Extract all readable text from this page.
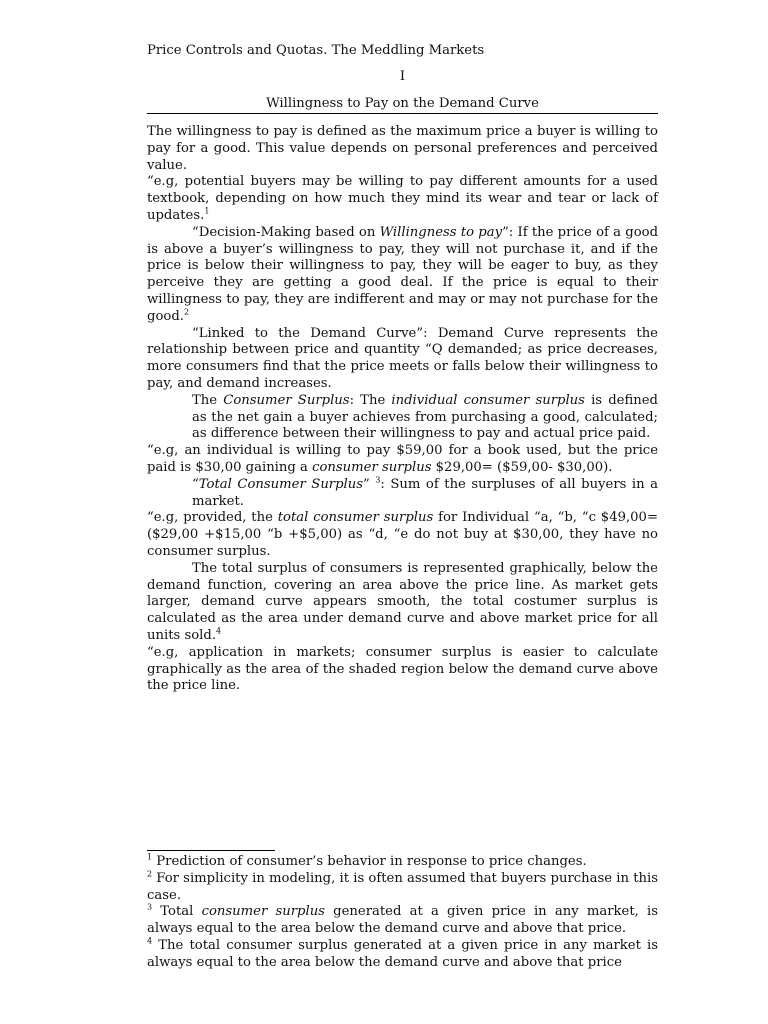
Price Controls and Quotas. The Meddling Markets
I
Willingness to Pay on the Demand Curve

The willingness to pay is defined as the maximum price a buyer is willing to pay for a good. This value depends on personal preferences and perceived value.

“e.g, potential buyers may be willing to pay different amounts for a used textbook, depending on how much they mind its wear and tear or lack of updates.$^1$

“Decision-Making based on Willingness to pay”: If the price of a good is above a buyer’s willingness to pay, they will not purchase it, and if the price is below their willingness to pay, they will be eager to buy, as they perceive they are getting a good deal. If the price is equal to their willingness to pay, they are indifferent and may or may not purchase for the good.$^2$

“Linked to the Demand Curve”: Demand Curve represents the relationship between price and quantity “Q demanded; as price decreases, more consumers find that the price meets or falls below their willingness to pay, and demand increases.

The Consumer Surplus: The individual consumer surplus is defined as the net gain a buyer achieves from purchasing a good, calculated; as difference between their willingness to pay and actual price paid.

“e.g, an individual is willing to pay $59,00 for a book used, but the price paid is $30,00 gaining a consumer surplus $29,00= ($59,00- $30,00).

“Total Consumer Surplus” $^3$: Sum of the surpluses of all buyers in a market.

“e.g, provided, the total consumer surplus for Individual “a, “b, “c $49,00= ($29,00 +$15,00 “b +$5,00) as “d, “e do not buy at $30,00, they have no consumer surplus.

The total surplus of consumers is represented graphically, below the demand function, covering an area above the price line. As market gets larger, demand curve appears smooth, the total costumer surplus is calculated as the area under demand curve and above market price for all units sold.$^4$

“e.g, application in markets; consumer surplus is easier to calculate graphically as the area of the shaded region below the demand curve above the price line.

$^1$ Prediction of consumer’s behavior in response to price changes.

$^2$ For simplicity in modeling, it is often assumed that buyers purchase in this case.

$^3$ Total consumer surplus generated at a given price in any market, is always equal to the area below the demand curve and above that price.

$^4$ The total consumer surplus generated at a given price in any market is always equal to the area below the demand curve and above that price
